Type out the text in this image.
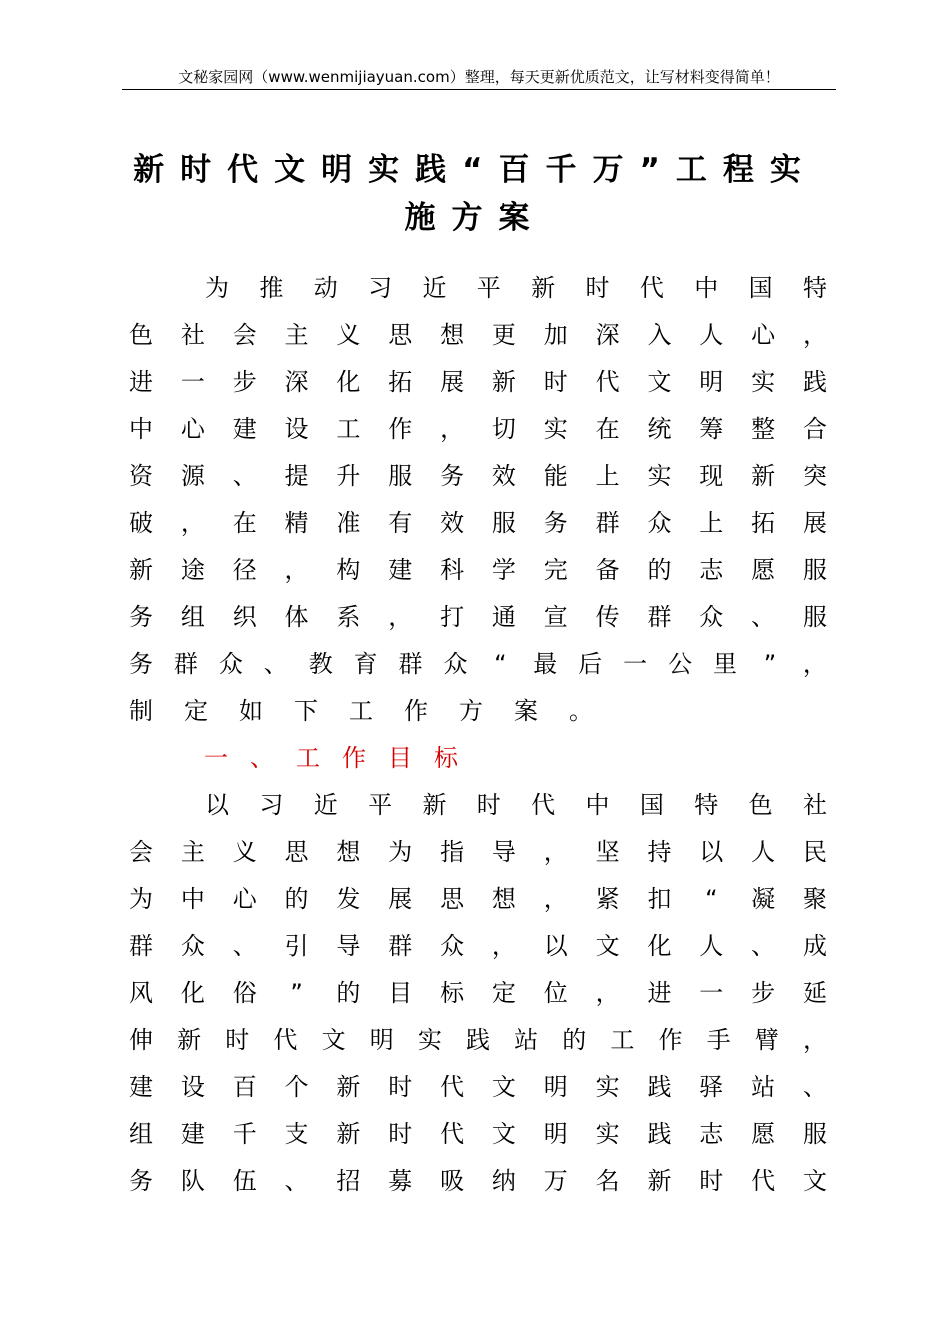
文秘家园网（www.wenmijiayuan.com）整理，每天更新优质范文，让写材料变得简单！
新时代文明实践“百千万”工程实
施方案
为 推 动 习 近 平 新 时 代 中 国 特
色 社 会 主 义 思 想 更 加 深 入 人 心 ，
进 一 步 深 化 拓 展 新 时 代 文 明 实 践
中 心 建 设 工 作 ， 切 实 在 统 筹 整 合
资 源 、 提 升 服 务 效 能 上 实 现 新 突
破 ， 在 精 准 有 效 服 务 群 众 上 拓 展
新 途 径 ， 构 建 科 学 完 备 的 志 愿 服
务 组 织 体 系 ， 打 通 宣 传 群 众 、 服
务 群 众 、 教 育 群 众 “ 最 后 一 公 里 ” ，
制 定 如 下 工 作 方 案 。
一、工作目标
以 习 近 平 新 时 代 中 国 特 色 社
会 主 义 思 想 为 指 导 ， 坚 持 以 人 民
为 中 心 的 发 展 思 想 ， 紧 扣 “ 凝 聚
群 众 、 引 导 群 众 ， 以 文 化 人 、 成
风 化 俗 ” 的 目 标 定 位 ， 进 一 步 延
伸 新 时 代 文 明 实 践 站 的 工 作 手 臂 ，
建 设 百 个 新 时 代 文 明 实 践 驿 站 、
组 建 千 支 新 时 代 文 明 实 践 志 愿 服
务 队 伍 、 招 募 吸 纳 万 名 新 时 代 文
